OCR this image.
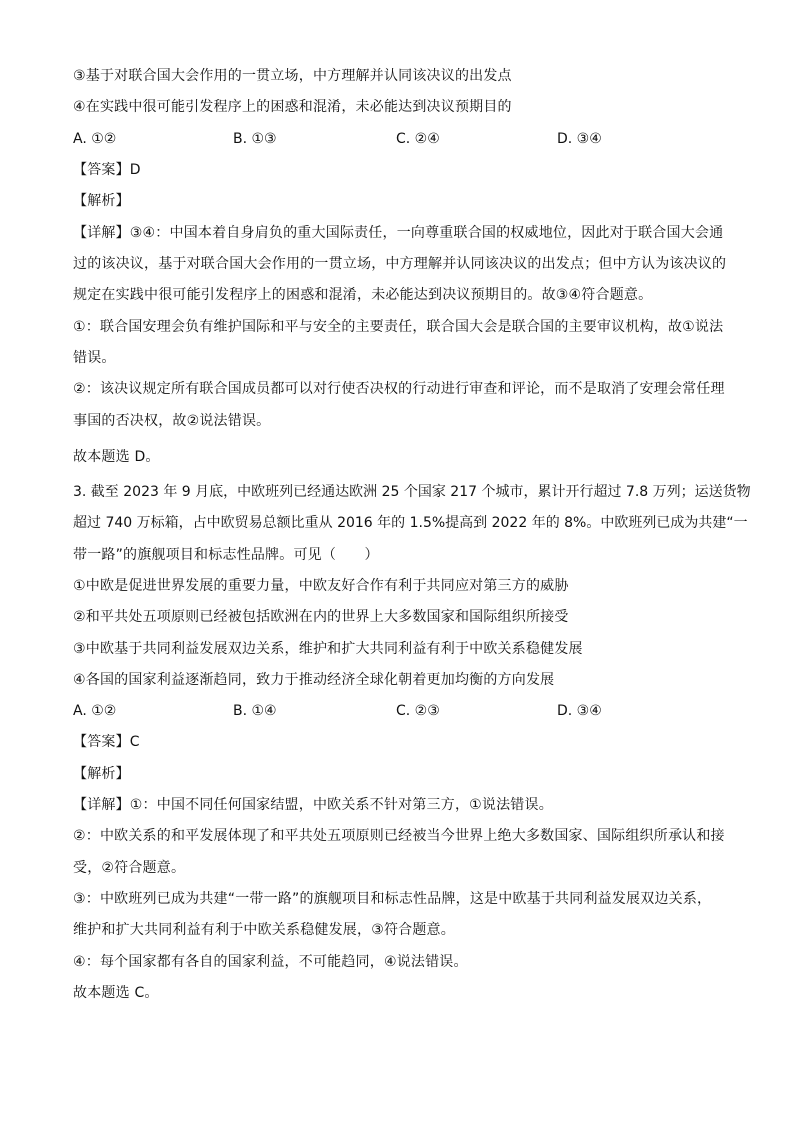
③基于对联合国大会作用的一贯立场，中方理解并认同该决议的出发点
④在实践中很可能引发程序上的困惑和混淆，未必能达到决议预期目的
A. ①②	B. ①③	C. ②④	D. ③④
【答案】D
【解析】
【详解】③④：中国本着自身肩负的重大国际责任，一向尊重联合国的权威地位，因此对于联合国大会通
过的该决议，基于对联合国大会作用的一贯立场，中方理解并认同该决议的出发点；但中方认为该决议的
规定在实践中很可能引发程序上的困惑和混淆，未必能达到决议预期目的。故③④符合题意。
①：联合国安理会负有维护国际和平与安全的主要责任，联合国大会是联合国的主要审议机构，故①说法
错误。
②：该决议规定所有联合国成员都可以对行使否决权的行动进行审查和评论，而不是取消了安理会常任理
事国的否决权，故②说法错误。
故本题选 D。
3. 截至 2023 年 9 月底，中欧班列已经通达欧洲 25 个国家 217 个城市，累计开行超过 7.8 万列；运送货物
超过 740 万标箱，占中欧贸易总额比重从 2016 年的 1.5%提高到 2022 年的 8%。中欧班列已成为共建“一
带一路”的旗舰项目和标志性品牌。可见（　　）
①中欧是促进世界发展的重要力量，中欧友好合作有利于共同应对第三方的威胁
②和平共处五项原则已经被包括欧洲在内的世界上大多数国家和国际组织所接受
③中欧基于共同利益发展双边关系，维护和扩大共同利益有利于中欧关系稳健发展
④各国的国家利益逐渐趋同，致力于推动经济全球化朝着更加均衡的方向发展
A. ①②	B. ①④	C. ②③	D. ③④
【答案】C
【解析】
【详解】①：中国不同任何国家结盟，中欧关系不针对第三方，①说法错误。
②：中欧关系的和平发展体现了和平共处五项原则已经被当今世界上绝大多数国家、国际组织所承认和接
受，②符合题意。
③：中欧班列已成为共建“一带一路”的旗舰项目和标志性品牌，这是中欧基于共同利益发展双边关系，
维护和扩大共同利益有利于中欧关系稳健发展，③符合题意。
④：每个国家都有各自的国家利益，不可能趋同，④说法错误。
故本题选 C。
